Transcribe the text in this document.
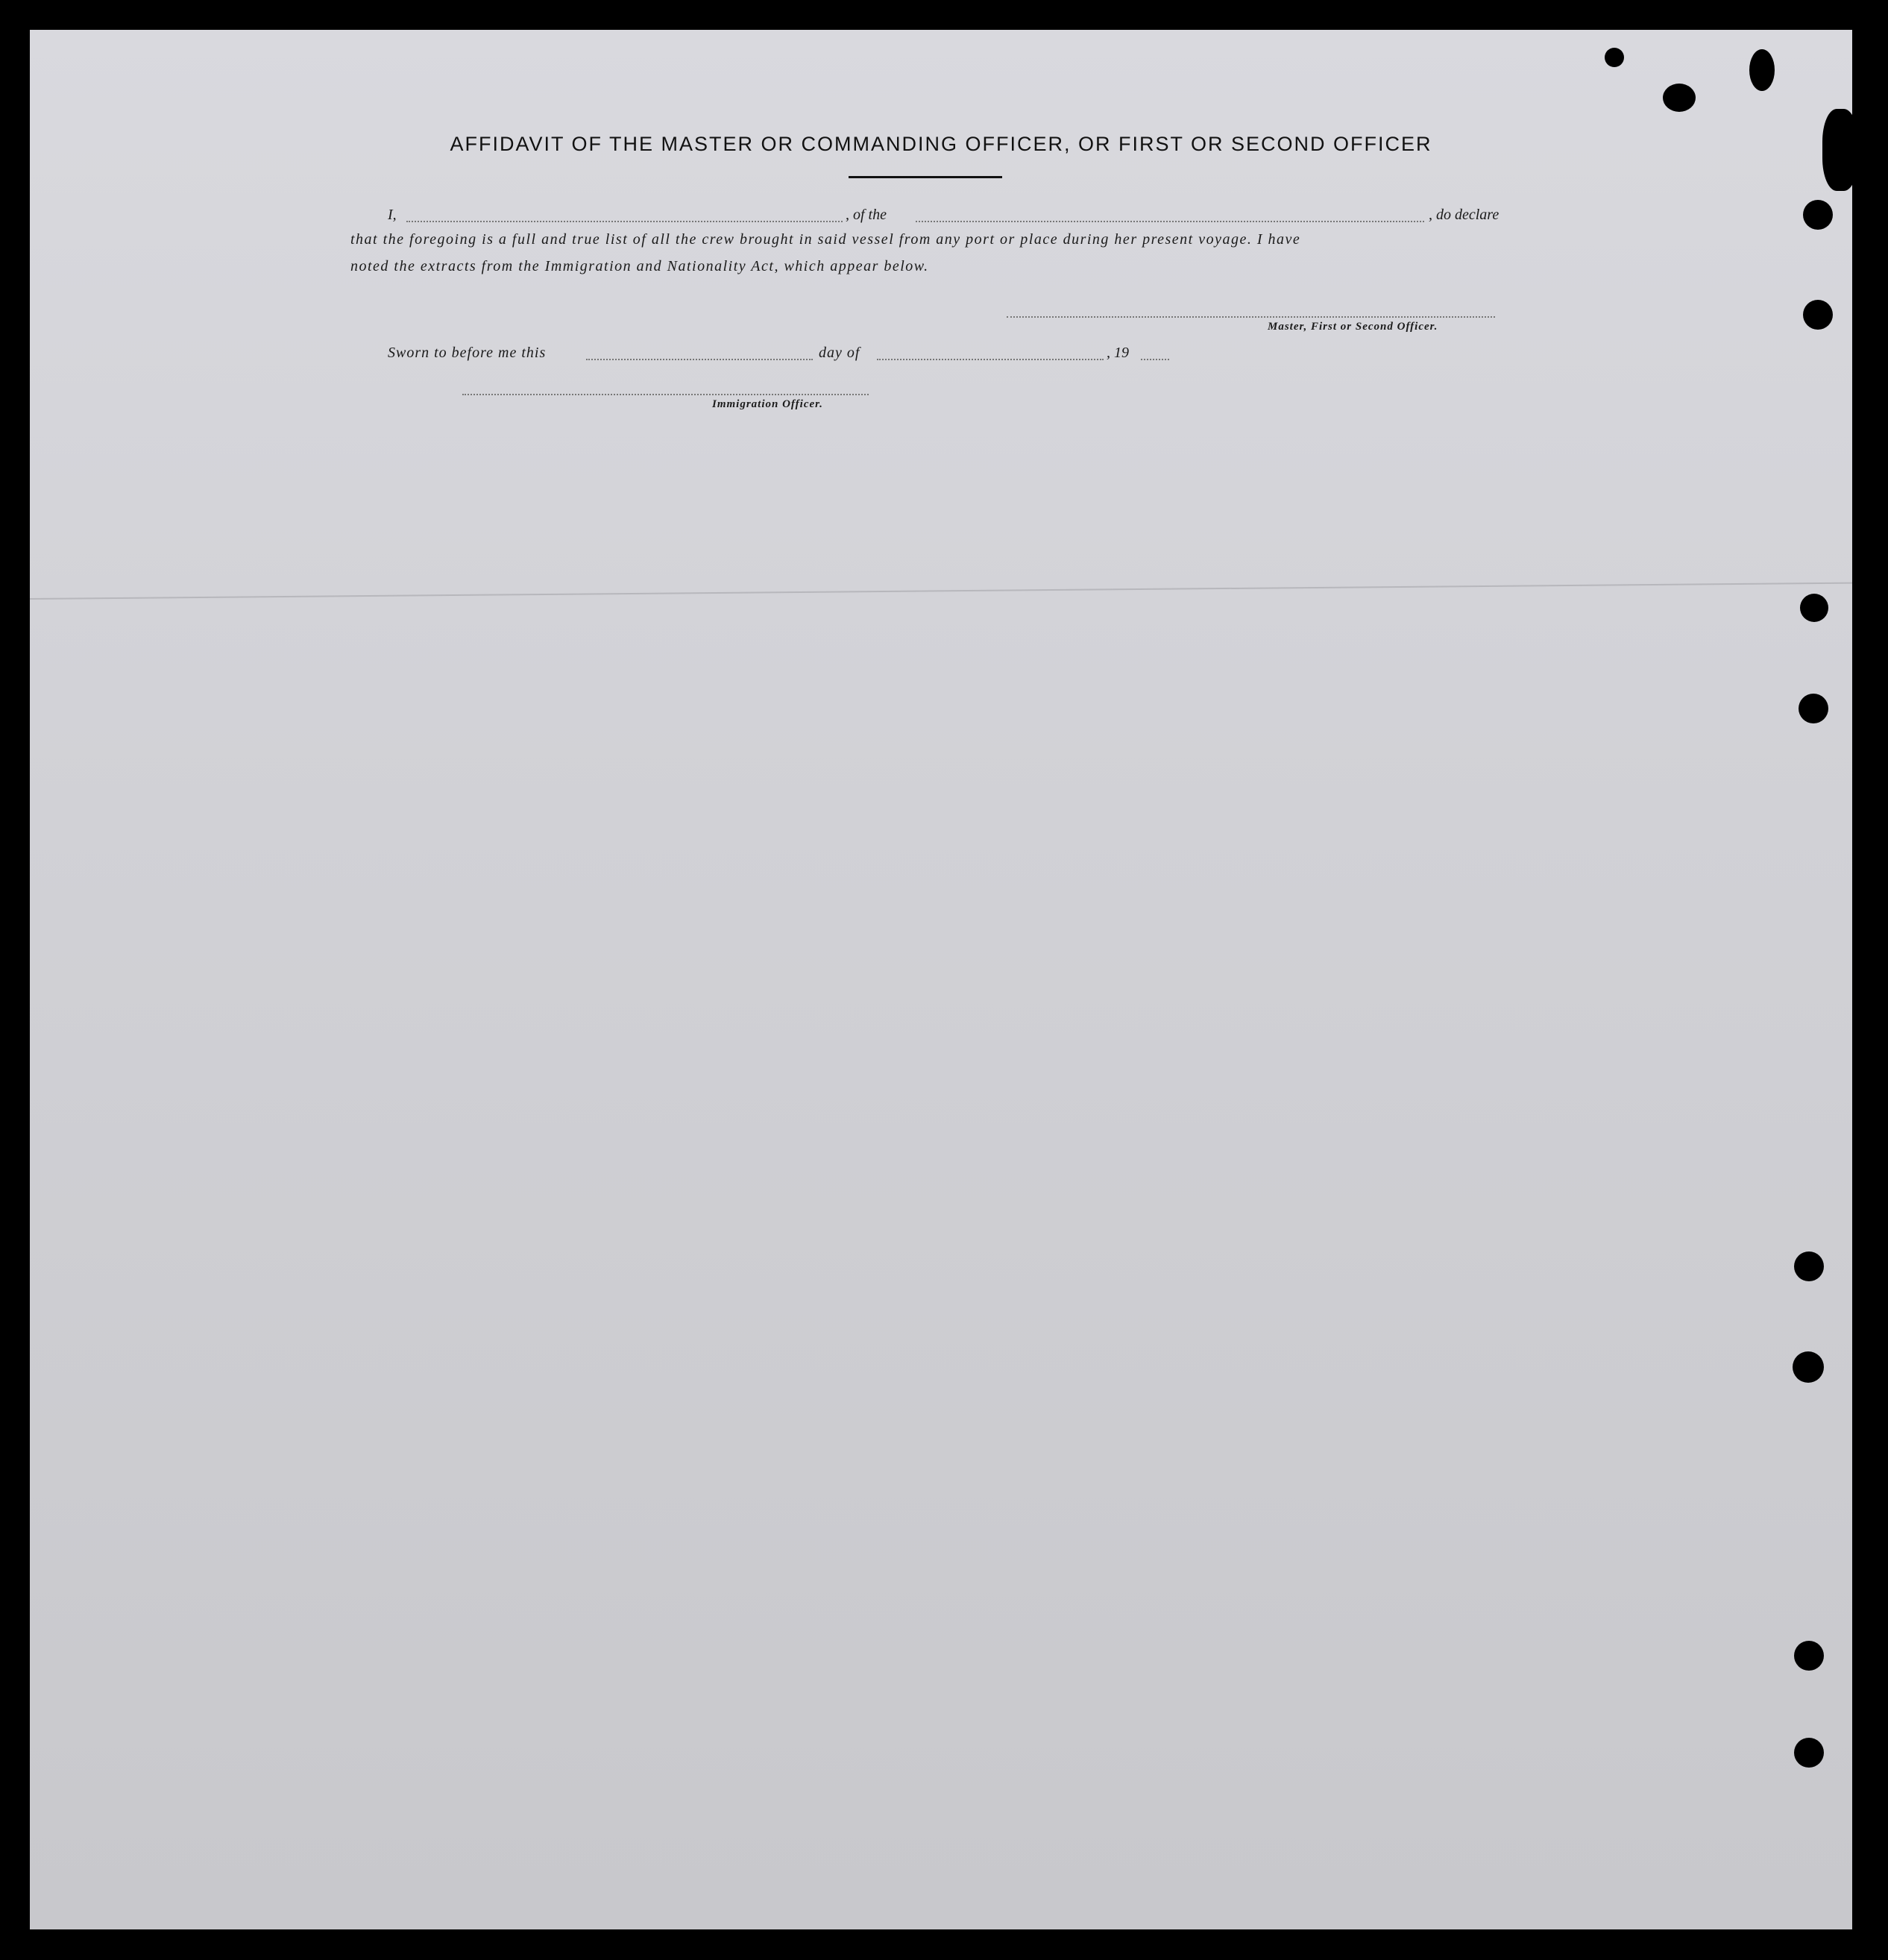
AFFIDAVIT OF THE MASTER OR COMMANDING OFFICER, OR FIRST OR SECOND OFFICER
I,	, of the	, do declare
that the foregoing is a full and true list of all the crew brought in said vessel from any port or place during her present voyage. I have
noted the extracts from the Immigration and Nationality Act, which appear below.
Master, First or Second Officer.
Sworn to before me this	day of	, 19
Immigration Officer.
